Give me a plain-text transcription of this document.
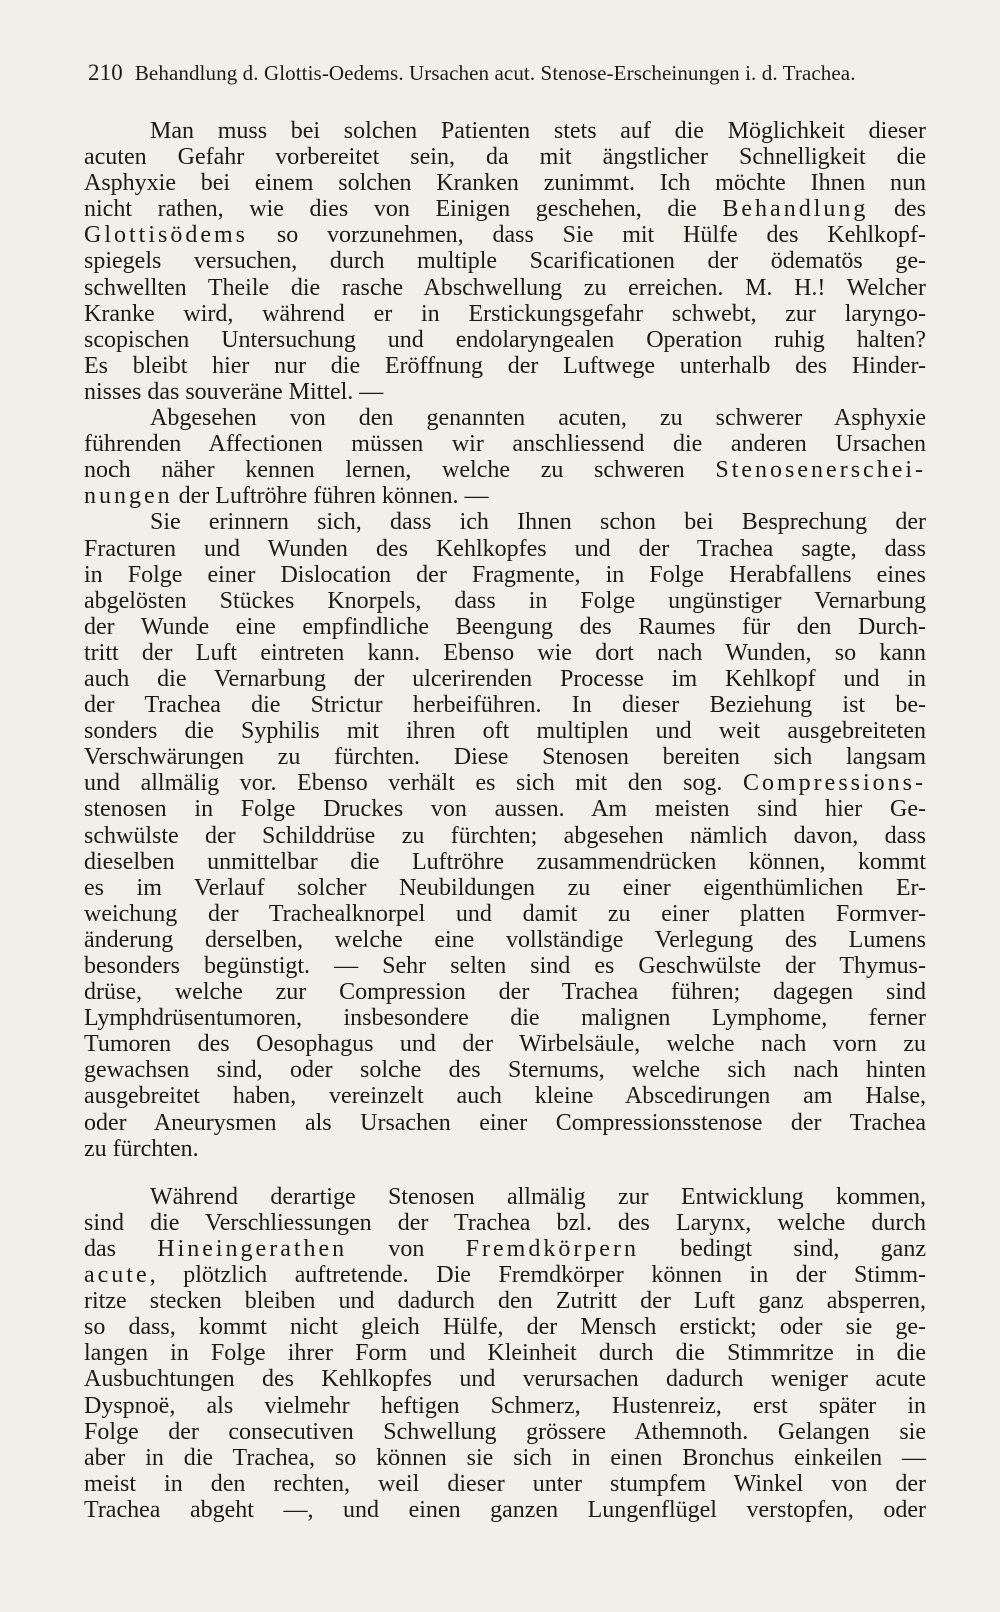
210 Behandlung d. Glottis-Oedems. Ursachen acut. Stenose-Erscheinungen i. d. Trachea.
Man muss bei solchen Patienten stets auf die Möglichkeit dieser
acuten Gefahr vorbereitet sein, da mit ängstlicher Schnelligkeit die
Asphyxie bei einem solchen Kranken zunimmt. Ich möchte Ihnen nun
nicht rathen, wie dies von Einigen geschehen, die Behandlung des
Glottisödems so vorzunehmen, dass Sie mit Hülfe des Kehlkopf-
spiegels versuchen, durch multiple Scarificationen der ödematös ge-
schwellten Theile die rasche Abschwellung zu erreichen. M. H.! Welcher
Kranke wird, während er in Erstickungsgefahr schwebt, zur laryngo-
scopischen Untersuchung und endolaryngealen Operation ruhig halten?
Es bleibt hier nur die Eröffnung der Luftwege unterhalb des Hinder-
nisses das souveräne Mittel. —
Abgesehen von den genannten acuten, zu schwerer Asphyxie
führenden Affectionen müssen wir anschliessend die anderen Ursachen
noch näher kennen lernen, welche zu schweren Stenosenerschei-
nungen der Luftröhre führen können. —
Sie erinnern sich, dass ich Ihnen schon bei Besprechung der
Fracturen und Wunden des Kehlkopfes und der Trachea sagte, dass
in Folge einer Dislocation der Fragmente, in Folge Herabfallens eines
abgelösten Stückes Knorpels, dass in Folge ungünstiger Vernarbung
der Wunde eine empfindliche Beengung des Raumes für den Durch-
tritt der Luft eintreten kann. Ebenso wie dort nach Wunden, so kann
auch die Vernarbung der ulcerirenden Processe im Kehlkopf und in
der Trachea die Strictur herbeiführen. In dieser Beziehung ist be-
sonders die Syphilis mit ihren oft multiplen und weit ausgebreiteten
Verschwärungen zu fürchten. Diese Stenosen bereiten sich langsam
und allmälig vor. Ebenso verhält es sich mit den sog. Compressions-
stenosen in Folge Druckes von aussen. Am meisten sind hier Ge-
schwülste der Schilddrüse zu fürchten; abgesehen nämlich davon, dass
dieselben unmittelbar die Luftröhre zusammendrücken können, kommt
es im Verlauf solcher Neubildungen zu einer eigenthümlichen Er-
weichung der Trachealknorpel und damit zu einer platten Formver-
änderung derselben, welche eine vollständige Verlegung des Lumens
besonders begünstigt. — Sehr selten sind es Geschwülste der Thymus-
drüse, welche zur Compression der Trachea führen; dagegen sind
Lymphdrüsentumoren, insbesondere die malignen Lymphome, ferner
Tumoren des Oesophagus und der Wirbelsäule, welche nach vorn zu
gewachsen sind, oder solche des Sternums, welche sich nach hinten
ausgebreitet haben, vereinzelt auch kleine Abscedirungen am Halse,
oder Aneurysmen als Ursachen einer Compressionsstenose der Trachea
zu fürchten.
Während derartige Stenosen allmälig zur Entwicklung kommen,
sind die Verschliessungen der Trachea bzl. des Larynx, welche durch
das Hineingerathen von Fremdkörpern bedingt sind, ganz
acute, plötzlich auftretende. Die Fremdkörper können in der Stimm-
ritze stecken bleiben und dadurch den Zutritt der Luft ganz absperren,
so dass, kommt nicht gleich Hülfe, der Mensch erstickt; oder sie ge-
langen in Folge ihrer Form und Kleinheit durch die Stimmritze in die
Ausbuchtungen des Kehlkopfes und verursachen dadurch weniger acute
Dyspnoë, als vielmehr heftigen Schmerz, Hustenreiz, erst später in
Folge der consecutiven Schwellung grössere Athemnoth. Gelangen sie
aber in die Trachea, so können sie sich in einen Bronchus einkeilen —
meist in den rechten, weil dieser unter stumpfem Winkel von der
Trachea abgeht —, und einen ganzen Lungenflügel verstopfen, oder
